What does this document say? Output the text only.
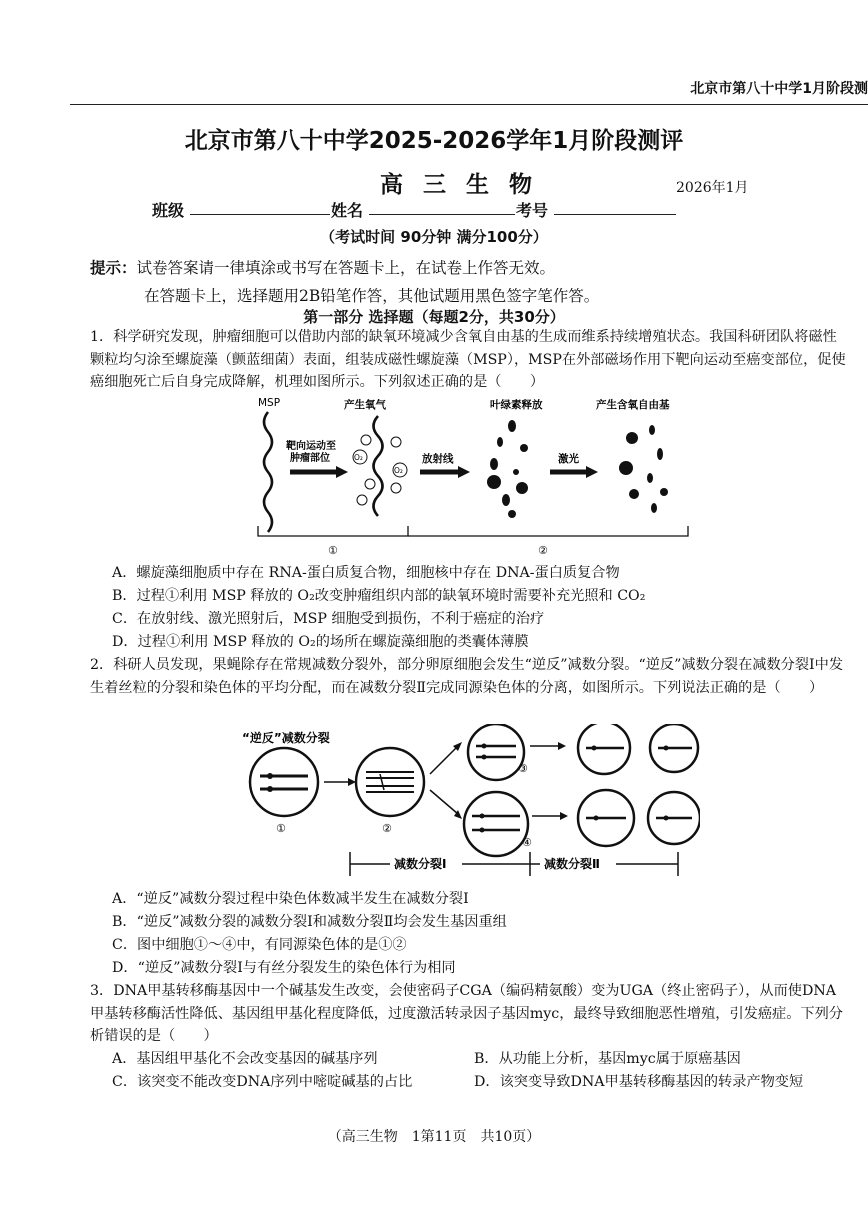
北京市第八十中学1月阶段测
北京市第八十中学2025-2026学年1月阶段测评
高三生物	2026年1月
班级	姓名	考号
（考试时间 90分钟 满分100分）
提示：试卷答案请一律填涂或书写在答题卡上，在试卷上作答无效。
在答题卡上，选择题用2B铅笔作答，其他试题用黑色签字笔作答。
第一部分 选择题（每题2分，共30分）
1．科学研究发现，肿瘤细胞可以借助内部的缺氧环境减少含氧自由基的生成而维系持续增殖状态。我国科研团队将磁性颗粒均匀涂至螺旋藻（颤蓝细菌）表面，组装成磁性螺旋藻（MSP），MSP在外部磁场作用下靶向运动至癌变部位，促使癌细胞死亡后自身完成降解，机理如图所示。下列叙述正确的是（　　）
MSP
靶向运动至
肿瘤部位
产生氧气
O₂
O₂
放射线
叶绿素释放
激光
产生含氧自由基
①	②
A．螺旋藻细胞质中存在 RNA-蛋白质复合物，细胞核中存在 DNA-蛋白质复合物
B．过程①利用 MSP 释放的 O₂改变肿瘤组织内部的缺氧环境时需要补充光照和 CO₂
C．在放射线、激光照射后，MSP 细胞受到损伤，不利于癌症的治疗
D．过程①利用 MSP 释放的 O₂的场所在螺旋藻细胞的类囊体薄膜
2．科研人员发现，果蝇除存在常规减数分裂外，部分卵原细胞会发生“逆反”减数分裂。“逆反”减数分裂在减数分裂Ⅰ中发生着丝粒的分裂和染色体的平均分配，而在减数分裂Ⅱ完成同源染色体的分离，如图所示。下列说法正确的是（　　）
“逆反”减数分裂
①	②
③
④
减数分裂Ⅰ	减数分裂Ⅱ
A．“逆反”减数分裂过程中染色体数减半发生在减数分裂Ⅰ
B．“逆反”减数分裂的减数分裂Ⅰ和减数分裂Ⅱ均会发生基因重组
C．图中细胞①～④中，有同源染色体的是①②
D．“逆反”减数分裂Ⅰ与有丝分裂发生的染色体行为相同
3．DNA甲基转移酶基因中一个碱基发生改变，会使密码子CGA（编码精氨酸）变为UGA（终止密码子），从而使DNA甲基转移酶活性降低、基因组甲基化程度降低，过度激活转录因子基因myc，最终导致细胞恶性增殖，引发癌症。下列分析错误的是（　　）
A．基因组甲基化不会改变基因的碱基序列	B．从功能上分析，基因myc属于原癌基因
C．该突变不能改变DNA序列中嘧啶碱基的占比	D．该突变导致DNA甲基转移酶基因的转录产物变短
（高三生物　1第11页　共10页）
